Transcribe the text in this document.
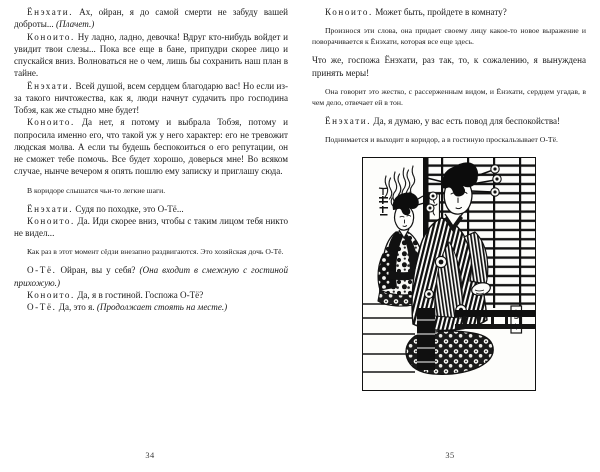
Ёнэхати. Ах, ойран, я до самой смерти не забуду вашей доброты... (Плачет.)

Коноито. Ну ладно, ладно, девочка! Вдруг кто-нибудь войдет и увидит твои слезы... Пока все еще в бане, припудри скорее лицо и спускайся вниз. Волноваться не о чем, лишь бы сохранить наш план в тайне.

Ёнэхати. Всей душой, всем сердцем благодарю вас! Но если из-за такого ничтожества, как я, люди начнут судачить про господина Тобэя, как же стыдно мне будет!

Коноито. Да нет, я потому и выбрала Тобэя, потому и попросила именно его, что такой уж у него характер: его не тревожит людская молва. А если ты будешь беспокоиться о его репутации, он не сможет тебе помочь. Все будет хорошо, доверься мне! Во всяком случае, нынче вечером я опять пошлю ему записку и приглашу сюда.

В коридоре слышатся чьи-то легкие шаги.

Ёнэхати. Судя по походке, это О-Тё...

Коноито. Да. Иди скорее вниз, чтобы с таким лицом тебя никто не видел...

Как раз в этот момент сёдзи внезапно раздвигаются. Это хозяйская дочь О-Тё.

О-Тё. Ойран, вы у себя? (Она входит в смежную с гостиной прихожую.)

Коноито. Да, я в гостиной. Госпожа О-Тё?

О-Тё. Да, это я. (Продолжает стоять на месте.)

34

Коноито. Может быть, пройдете в комнату?

Произнося эти слова, она придает своему лицу какое-то новое выражение и поворачивается к Ёнэхати, которая все еще здесь.

Что же, госпожа Ёнэхати, раз так, то, к сожалению, я вынуждена принять меры!

Она говорит это жестко, с рассерженным видом, и Ёнэхати, сердцем угадав, в чем дело, отвечает ей в тон.

Ёнэхати. Да, я думаю, у вас есть повод для беспокойства!

Поднимается и выходит в коридор, а в гостиную проскальзывает О-Тё.

35
